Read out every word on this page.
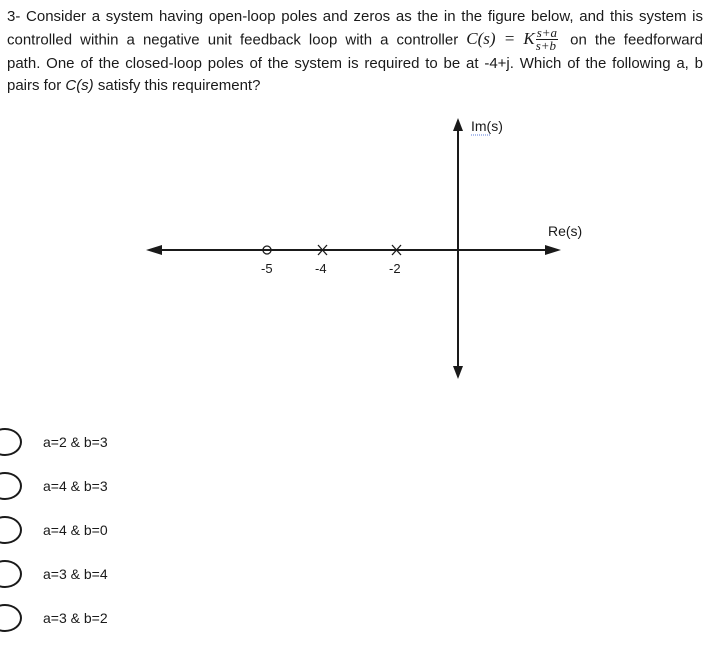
3- Consider a system having open-loop poles and zeros as the in the figure below, and this system is
controlled within a negative unit feedback loop with a controller C(s) = K $\frac{s+a}{s+b}$ on the feedforward
path. One of the closed-loop poles of the system is required to be at -4+j. Which of the following a, b
pairs for C(s) satisfy this requirement?
-5	-4	-2
Im(s)
Re(s)
a=2 & b=3
a=4 & b=3
a=4 & b=0
a=3 & b=4
a=3 & b=2
